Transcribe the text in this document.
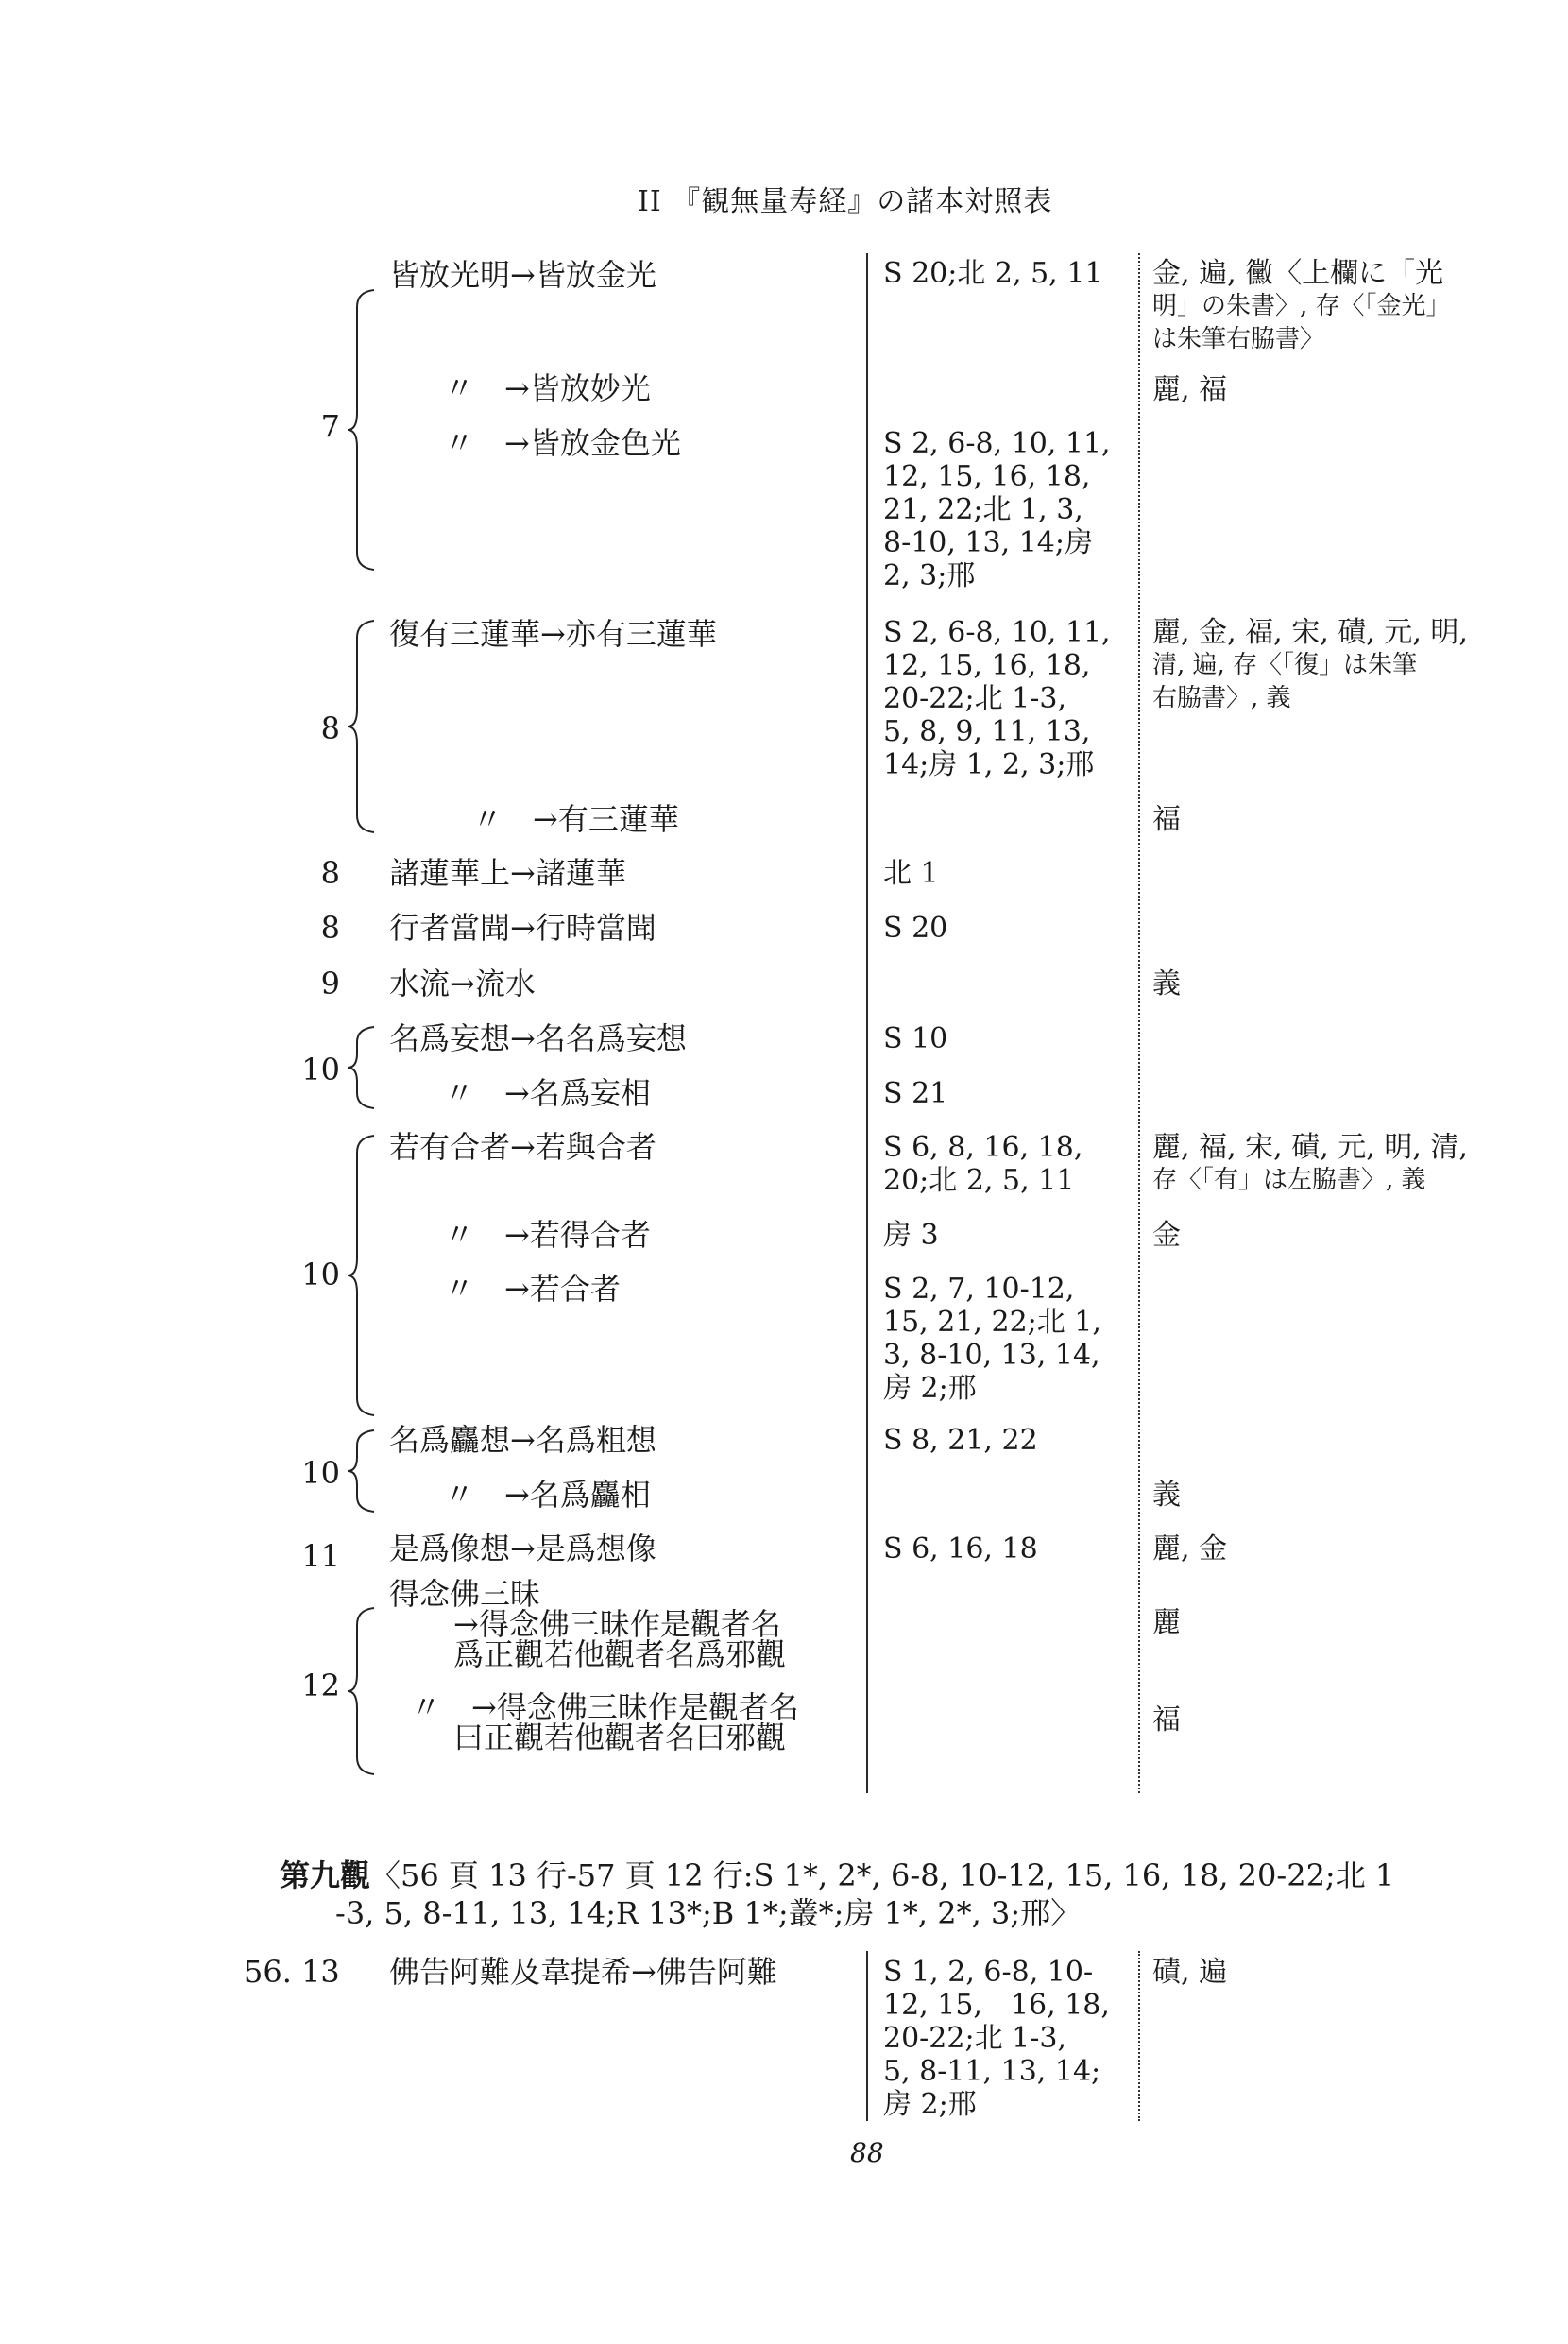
II 『観無量寿経』の諸本対照表
7
8
8
8
9
10
10
10
11
12
皆放光明→皆放金光
〃　→皆放妙光
〃　→皆放金色光
復有三蓮華→亦有三蓮華
〃　→有三蓮華
諸蓮華上→諸蓮華
行者當聞→行時當聞
水流→流水
名爲妄想→名名爲妄想
〃　→名爲妄相
若有合者→若與合者
〃　→若得合者
〃　→若合者
名爲麤想→名爲粗想
〃　→名爲麤相
是爲像想→是爲想像
得念佛三昧
→得念佛三昧作是觀者名
爲正觀若他觀者名爲邪觀
〃　→得念佛三昧作是觀者名
曰正觀若他觀者名曰邪觀
S 20;北 2, 5, 11
S 2, 6-8, 10, 11,
12, 15, 16, 18,
21, 22;北 1, 3,
8-10, 13, 14;房
2, 3;邢
S 2, 6-8, 10, 11,
12, 15, 16, 18,
20-22;北 1-3,
5, 8, 9, 11, 13,
14;房 1, 2, 3;邢
北 1
S 20
S 10
S 21
S 6, 8, 16, 18,
20;北 2, 5, 11
房 3
S 2, 7, 10-12,
15, 21, 22;北 1,
3, 8-10, 13, 14,
房 2;邢
S 8, 21, 22
S 6, 16, 18
金, 遍, 黴〈上欄に「光
明」の朱書〉, 存〈「金光」
は朱筆右脇書〉
麗, 福
麗, 金, 福, 宋, 磧, 元, 明,
清, 遍, 存〈「復」は朱筆
右脇書〉, 義
福
義
麗, 福, 宋, 磧, 元, 明, 清,
存〈「有」は左脇書〉, 義
金
義
麗, 金
麗
福
第九觀〈56 頁 13 行-57 頁 12 行:S 1*, 2*, 6-8, 10-12, 15, 16, 18, 20-22;北 1
-3, 5, 8-11, 13, 14;R 13*;B 1*;叢*;房 1*, 2*, 3;邢〉
56. 13 佛告阿難及韋提希→佛告阿難	S 1, 2, 6-8, 10-
12, 15,　16, 18,
20-22;北 1-3,
5, 8-11, 13, 14;
房 2;邢
磧, 遍
88
